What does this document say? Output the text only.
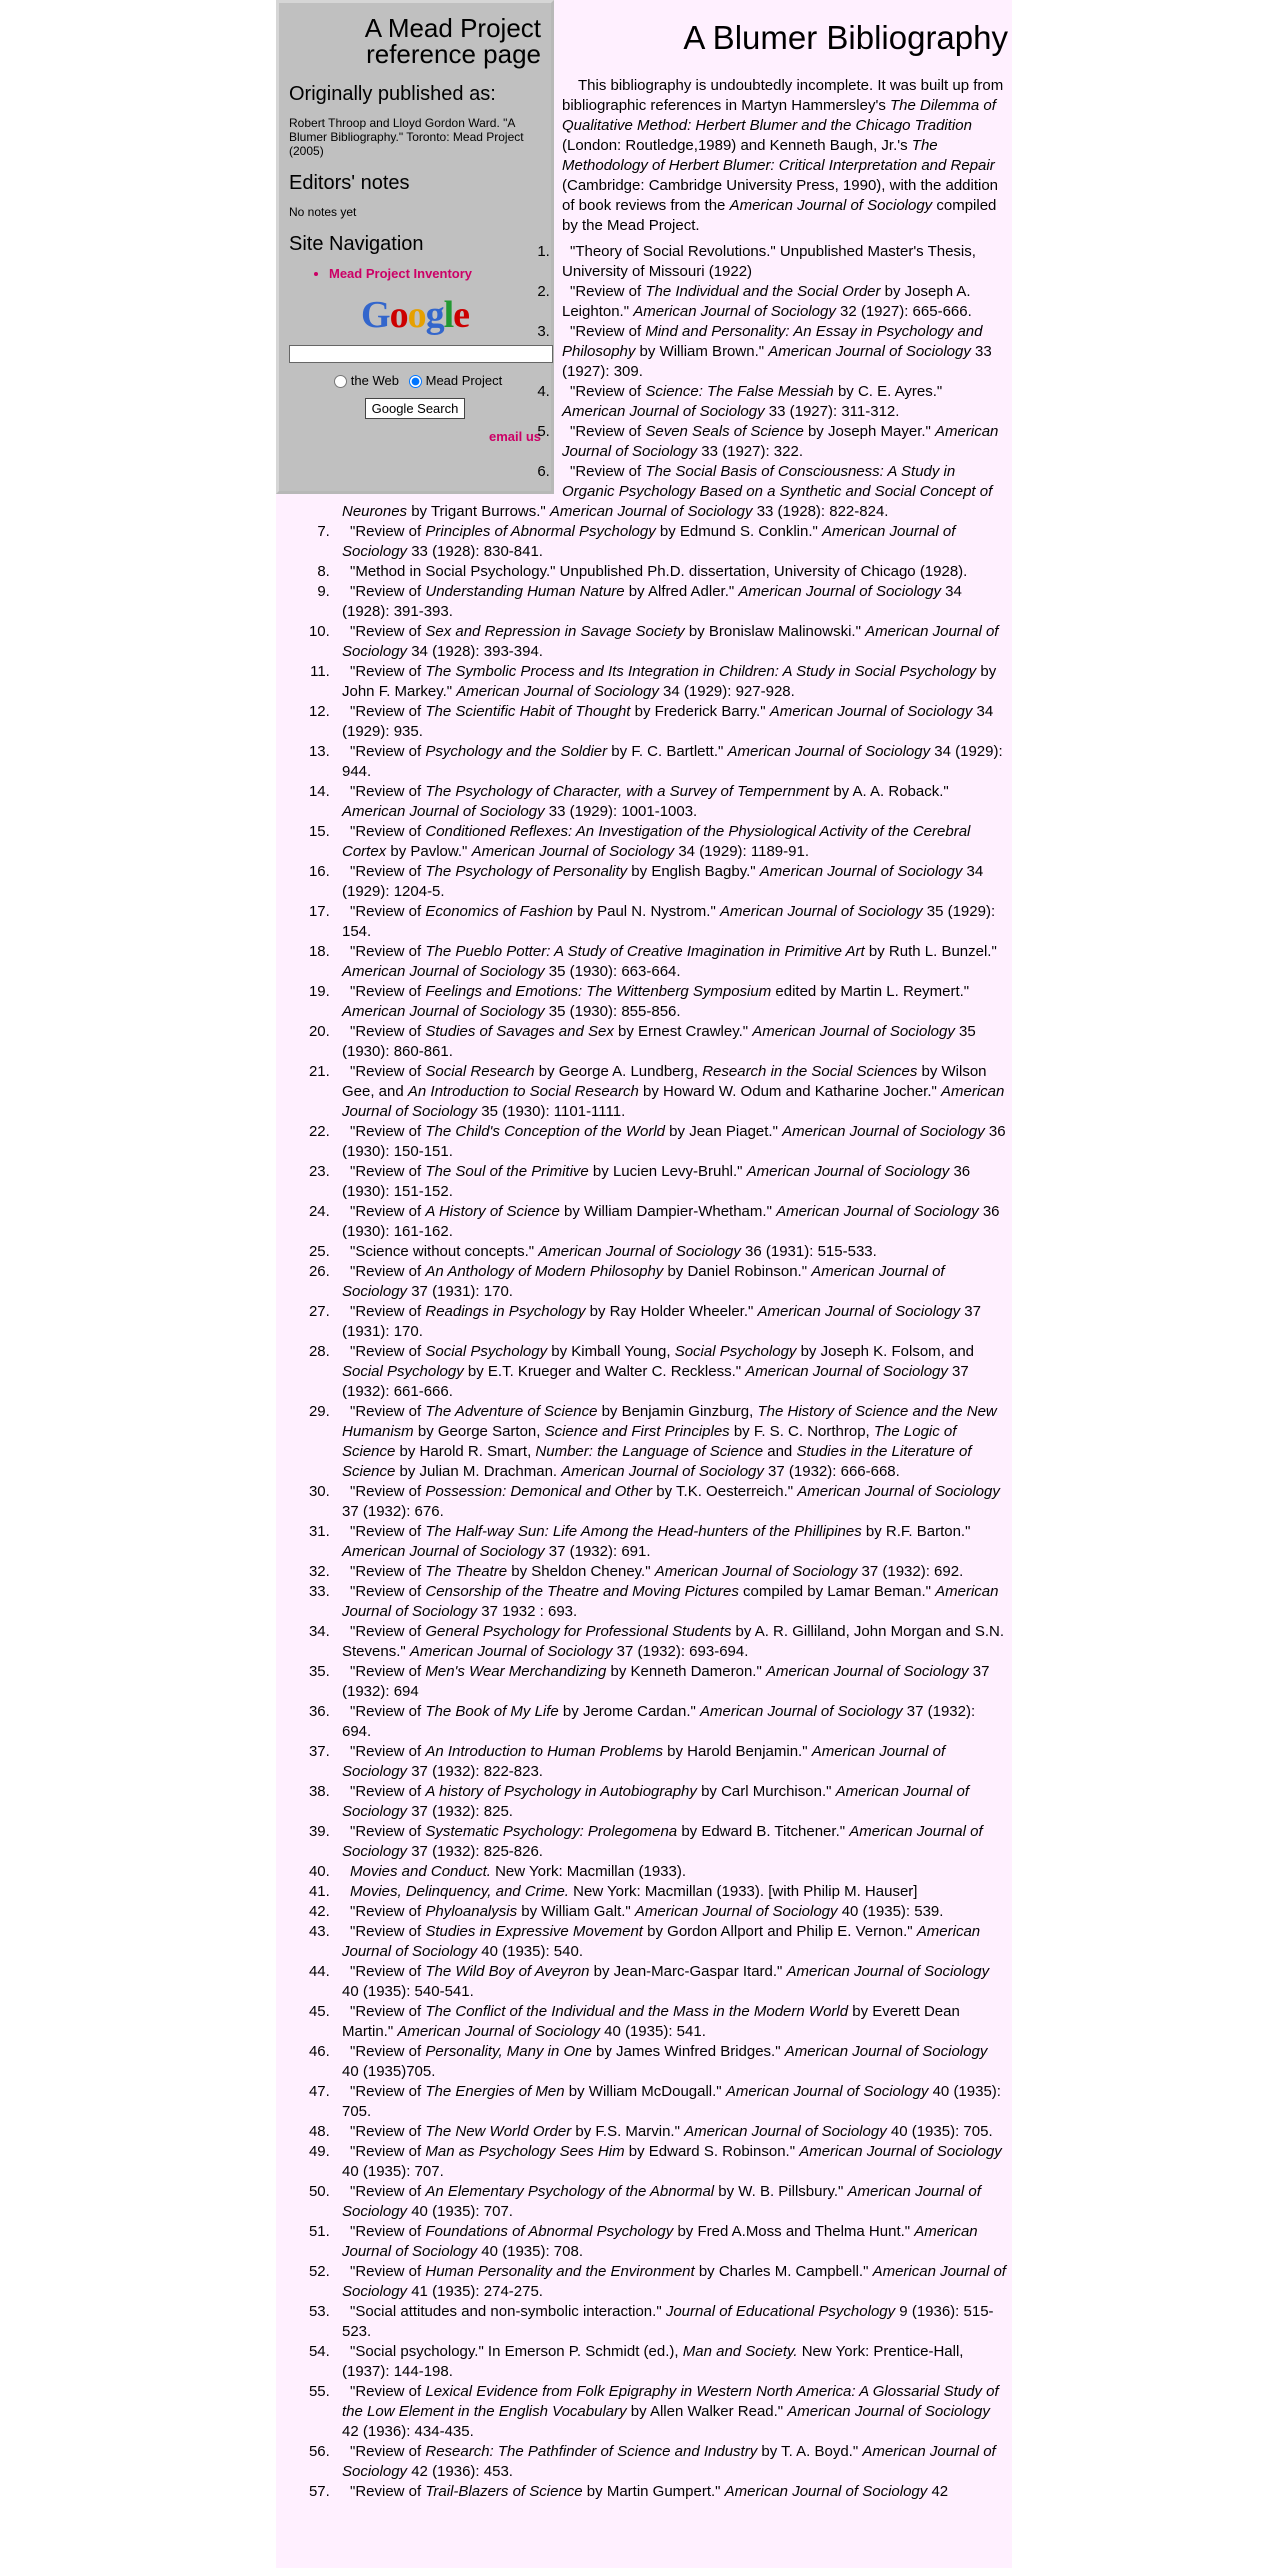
A Mead Project reference page
Originally published as:

Robert Throop and Lloyd Gordon Ward. "A Blumer Bibliography." Toronto: Mead Project (2005)

Editors' notes

No notes yet

Site Navigation
• Mead Project Inventory
Google
the Web Mead Project
Google Search
email us
A Blumer Bibliography

This bibliography is undoubtedly incomplete. It was built up from bibliographic references in Martyn Hammersley's The Dilemma of Qualitative Method: Herbert Blumer and the Chicago Tradition (London: Routledge,1989) and Kenneth Baugh, Jr.'s The Methodology of Herbert Blumer: Critical Interpretation and Repair (Cambridge: Cambridge University Press, 1990), with the addition of book reviews from the American Journal of Sociology compiled by the Mead Project.

1. "Theory of Social Revolutions." Unpublished Master's Thesis, University of Missouri (1922)
2. "Review of The Individual and the Social Order by Joseph A. Leighton." American Journal of Sociology 32 (1927): 665-666.
3. "Review of Mind and Personality: An Essay in Psychology and Philosophy by William Brown." American Journal of Sociology 33 (1927): 309.
4. "Review of Science: The False Messiah by C. E. Ayres." American Journal of Sociology 33 (1927): 311-312.
5. "Review of Seven Seals of Science by Joseph Mayer." American Journal of Sociology 33 (1927): 322.
6. "Review of The Social Basis of Consciousness: A Study in Organic Psychology Based on a Synthetic and Social Concept of Neurones by Trigant Burrows." American Journal of Sociology 33 (1928): 822-824.
7. "Review of Principles of Abnormal Psychology by Edmund S. Conklin." American Journal of Sociology 33 (1928): 830-841.
8. "Method in Social Psychology." Unpublished Ph.D. dissertation, University of Chicago (1928).
9. "Review of Understanding Human Nature by Alfred Adler." American Journal of Sociology 34 (1928): 391-393.
10. "Review of Sex and Repression in Savage Society by Bronislaw Malinowski." American Journal of Sociology 34 (1928): 393-394.
11. "Review of The Symbolic Process and Its Integration in Children: A Study in Social Psychology by John F. Markey." American Journal of Sociology 34 (1929): 927-928.
12. "Review of The Scientific Habit of Thought by Frederick Barry." American Journal of Sociology 34 (1929): 935.
13. "Review of Psychology and the Soldier by F. C. Bartlett." American Journal of Sociology 34 (1929): 944.
14. "Review of The Psychology of Character, with a Survey of Tempernment by A. A. Roback." American Journal of Sociology 33 (1929): 1001-1003.
15. "Review of Conditioned Reflexes: An Investigation of the Physiological Activity of the Cerebral Cortex by Pavlow." American Journal of Sociology 34 (1929): 1189-91.
16. "Review of The Psychology of Personality by English Bagby." American Journal of Sociology 34 (1929): 1204-5.
17. "Review of Economics of Fashion by Paul N. Nystrom." American Journal of Sociology 35 (1929): 154.
18. "Review of The Pueblo Potter: A Study of Creative Imagination in Primitive Art by Ruth L. Bunzel." American Journal of Sociology 35 (1930): 663-664.
19. "Review of Feelings and Emotions: The Wittenberg Symposium edited by Martin L. Reymert." American Journal of Sociology 35 (1930): 855-856.
20. "Review of Studies of Savages and Sex by Ernest Crawley." American Journal of Sociology 35 (1930): 860-861.
21. "Review of Social Research by George A. Lundberg, Research in the Social Sciences by Wilson Gee, and An Introduction to Social Research by Howard W. Odum and Katharine Jocher." American Journal of Sociology 35 (1930): 1101-1111.
22. "Review of The Child's Conception of the World by Jean Piaget." American Journal of Sociology 36 (1930): 150-151.
23. "Review of The Soul of the Primitive by Lucien Levy-Bruhl." American Journal of Sociology 36 (1930): 151-152.
24. "Review of A History of Science by William Dampier-Whetham." American Journal of Sociology 36 (1930): 161-162.
25. "Science without concepts." American Journal of Sociology 36 (1931): 515-533.
26. "Review of An Anthology of Modern Philosophy by Daniel Robinson." American Journal of Sociology 37 (1931): 170.
27. "Review of Readings in Psychology by Ray Holder Wheeler." American Journal of Sociology 37 (1931): 170.
28. "Review of Social Psychology by Kimball Young, Social Psychology by Joseph K. Folsom, and Social Psychology by E.T. Krueger and Walter C. Reckless." American Journal of Sociology 37 (1932): 661-666.
29. "Review of The Adventure of Science by Benjamin Ginzburg, The History of Science and the New Humanism by George Sarton, Science and First Principles by F. S. C. Northrop, The Logic of Science by Harold R. Smart, Number: the Language of Science and Studies in the Literature of Science by Julian M. Drachman. American Journal of Sociology 37 (1932): 666-668.
30. "Review of Possession: Demonical and Other by T.K. Oesterreich." American Journal of Sociology 37 (1932): 676.
31. "Review of The Half-way Sun: Life Among the Head-hunters of the Phillipines by R.F. Barton." American Journal of Sociology 37 (1932): 691.
32. "Review of The Theatre by Sheldon Cheney." American Journal of Sociology 37 (1932): 692.
33. "Review of Censorship of the Theatre and Moving Pictures compiled by Lamar Beman." American Journal of Sociology 37 1932 : 693.
34. "Review of General Psychology for Professional Students by A. R. Gilliland, John Morgan and S.N. Stevens." American Journal of Sociology 37 (1932): 693-694.
35. "Review of Men's Wear Merchandizing by Kenneth Dameron." American Journal of Sociology 37 (1932): 694
36. "Review of The Book of My Life by Jerome Cardan." American Journal of Sociology 37 (1932): 694.
37. "Review of An Introduction to Human Problems by Harold Benjamin." American Journal of Sociology 37 (1932): 822-823.
38. "Review of A history of Psychology in Autobiography by Carl Murchison." American Journal of Sociology 37 (1932): 825.
39. "Review of Systematic Psychology: Prolegomena by Edward B. Titchener." American Journal of Sociology 37 (1932): 825-826.
40. Movies and Conduct. New York: Macmillan (1933).
41. Movies, Delinquency, and Crime. New York: Macmillan (1933). [with Philip M. Hauser]
42. "Review of Phyloanalysis by William Galt." American Journal of Sociology 40 (1935): 539.
43. "Review of Studies in Expressive Movement by Gordon Allport and Philip E. Vernon." American Journal of Sociology 40 (1935): 540.
44. "Review of The Wild Boy of Aveyron by Jean-Marc-Gaspar Itard." American Journal of Sociology 40 (1935): 540-541.
45. "Review of The Conflict of the Individual and the Mass in the Modern World by Everett Dean Martin." American Journal of Sociology 40 (1935): 541.
46. "Review of Personality, Many in One by James Winfred Bridges." American Journal of Sociology 40 (1935)705.
47. "Review of The Energies of Men by William McDougall." American Journal of Sociology 40 (1935): 705.
48. "Review of The New World Order by F.S. Marvin." American Journal of Sociology 40 (1935): 705.
49. "Review of Man as Psychology Sees Him by Edward S. Robinson." American Journal of Sociology 40 (1935): 707.
50. "Review of An Elementary Psychology of the Abnormal by W. B. Pillsbury." American Journal of Sociology 40 (1935): 707.
51. "Review of Foundations of Abnormal Psychology by Fred A.Moss and Thelma Hunt." American Journal of Sociology 40 (1935): 708.
52. "Review of Human Personality and the Environment by Charles M. Campbell." American Journal of Sociology 41 (1935): 274-275.
53. "Social attitudes and non-symbolic interaction." Journal of Educational Psychology 9 (1936): 515-523.
54. "Social psychology." In Emerson P. Schmidt (ed.), Man and Society. New York: Prentice-Hall, (1937): 144-198.
55. "Review of Lexical Evidence from Folk Epigraphy in Western North America: A Glossarial Study of the Low Element in the English Vocabulary by Allen Walker Read." American Journal of Sociology 42 (1936): 434-435.
56. "Review of Research: The Pathfinder of Science and Industry by T. A. Boyd." American Journal of Sociology 42 (1936): 453.
57. "Review of Trail-Blazers of Science by Martin Gumpert." American Journal of Sociology 42
